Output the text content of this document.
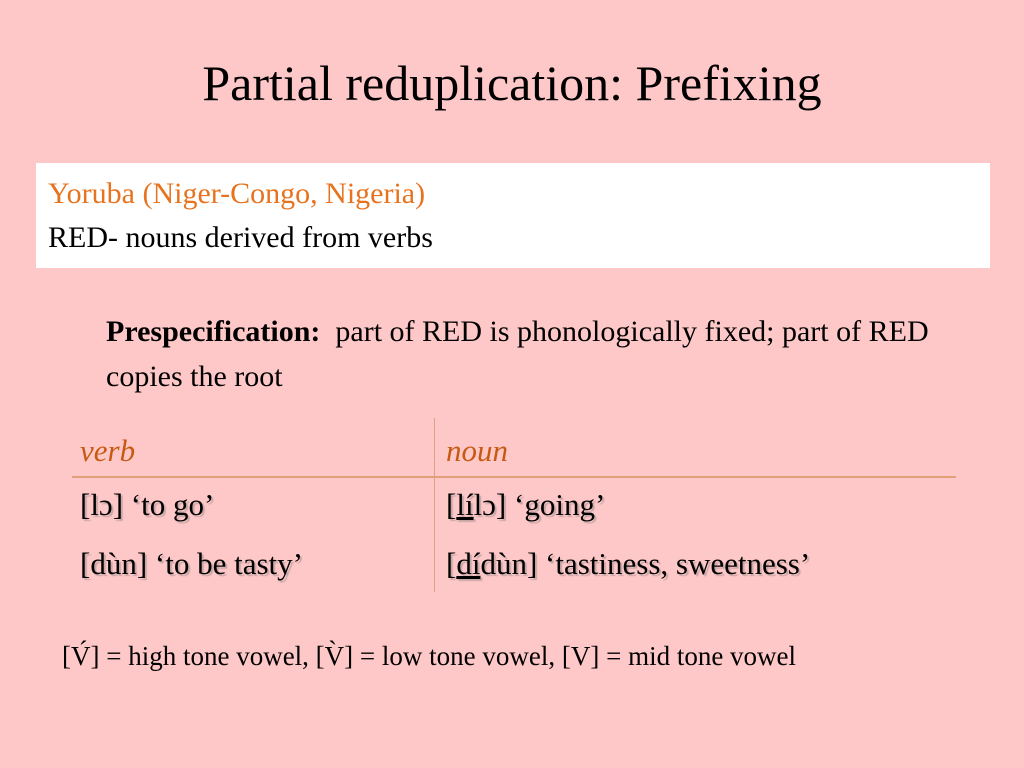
Partial reduplication: Prefixing
Yoruba (Niger-Congo, Nigeria)
RED- nouns derived from verbs
Prespecification:  part of RED is phonologically fixed; part of RED copies the root
verb	noun
[lɔ] ‘to go’	[lílɔ] ‘going’
[dùn] ‘to be tasty’	[dídùn] ‘tastiness, sweetness’
[V́] = high tone vowel, [V̀] = low tone vowel, [V] = mid tone vowel
